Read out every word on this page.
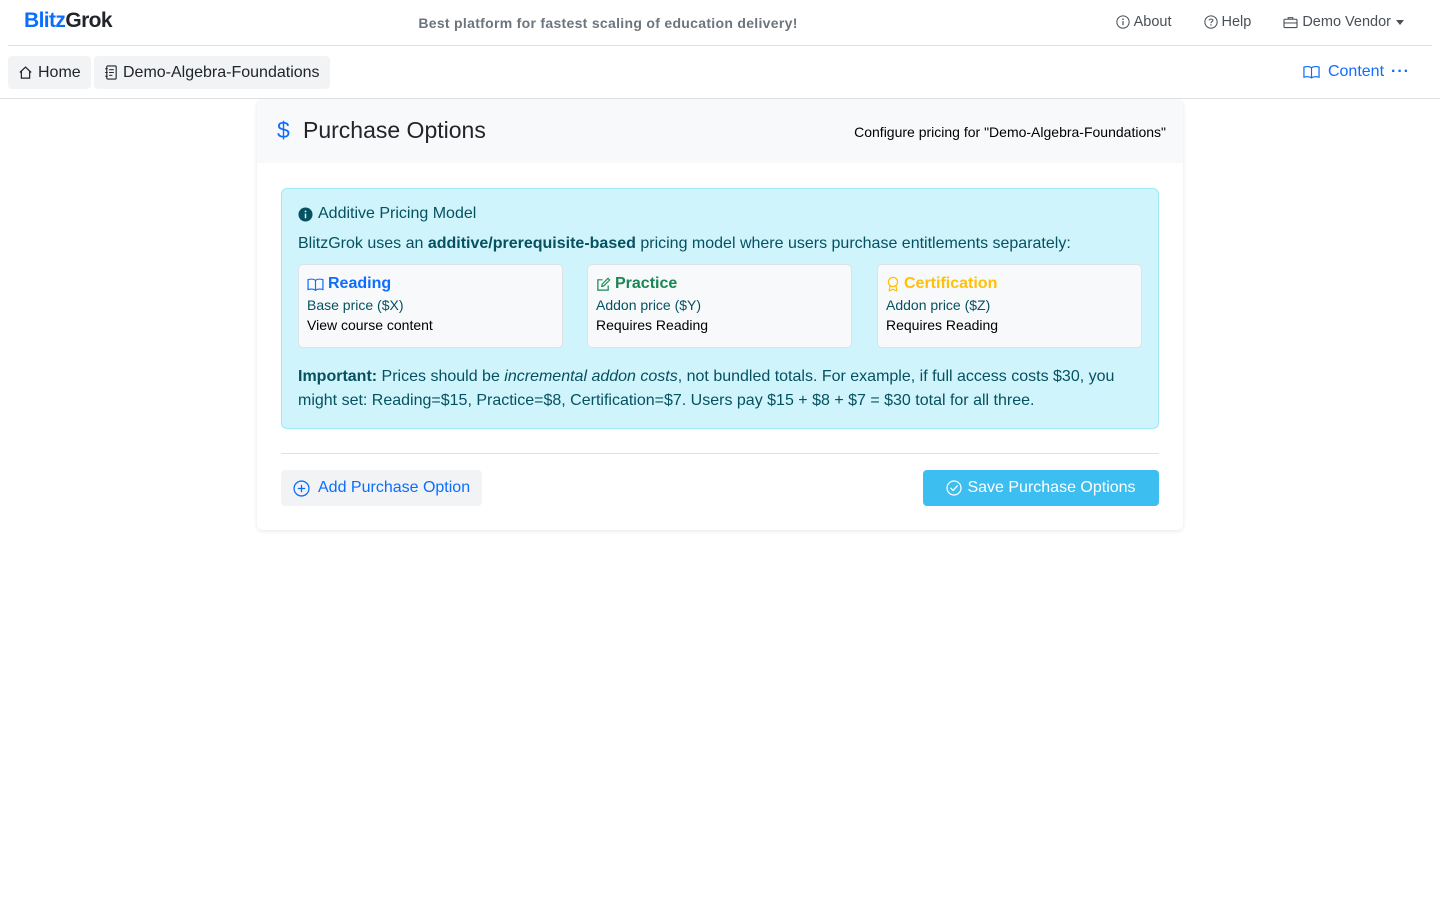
BlitzGrok	Best platform for fastest scaling of education delivery!	About	Help	Demo Vendor
Home	Demo-Algebra-Foundations	Content ···
$ Purchase Options	Configure pricing for "Demo-Algebra-Foundations"
Additive Pricing Model
BlitzGrok uses an additive/prerequisite-based pricing model where users purchase entitlements separately:
Reading
Base price ($X)
View course content
Practice
Addon price ($Y)
Requires Reading
Certification
Addon price ($Z)
Requires Reading
Important: Prices should be incremental addon costs, not bundled totals. For example, if full access costs $30, you might set: Reading=$15, Practice=$8, Certification=$7. Users pay $15 + $8 + $7 = $30 total for all three.
Add Purchase Option	Save Purchase Options
